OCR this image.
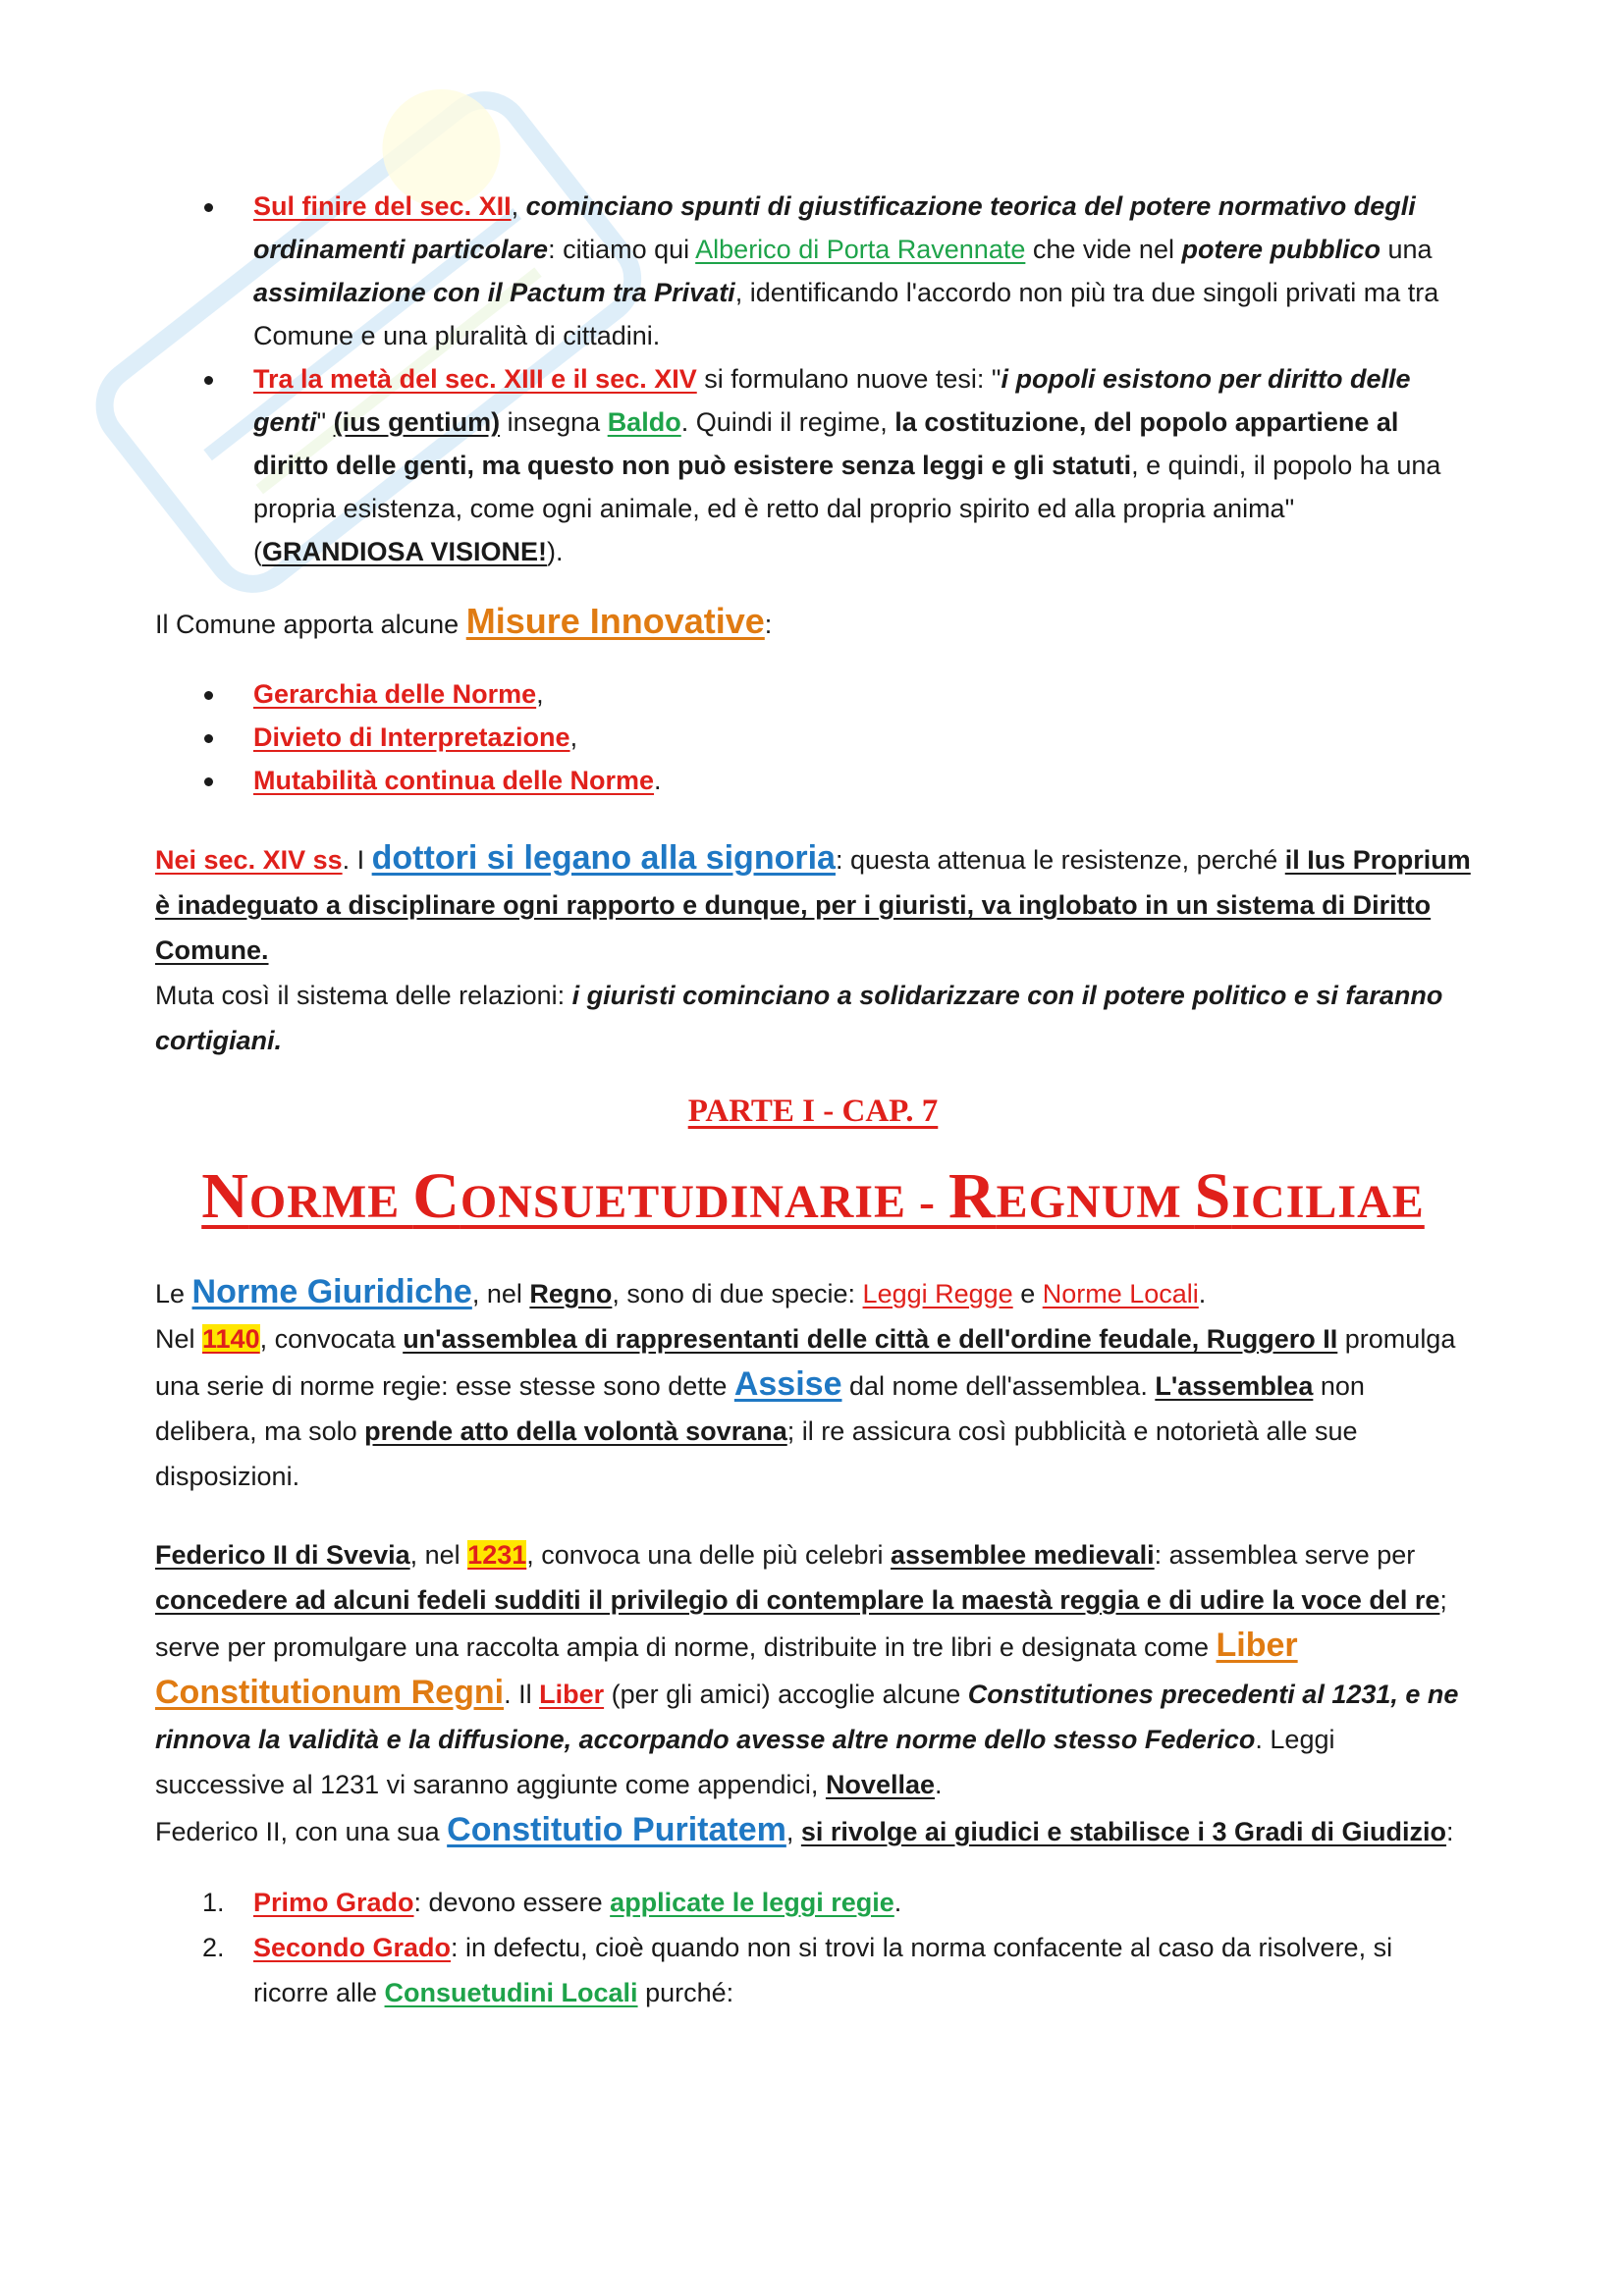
Sul finire del sec. XII, cominciano spunti di giustificazione teorica del potere normativo degli ordinamenti particolare: citiamo qui Alberico di Porta Ravennate che vide nel potere pubblico una assimilazione con il Pactum tra Privati, identificando l'accordo non più tra due singoli privati ma tra Comune e una pluralità di cittadini.
Tra la metà del sec. XIII e il sec. XIV si formulano nuove tesi: "i popoli esistono per diritto delle genti" (ius gentium) insegna Baldo. Quindi il regime, la costituzione, del popolo appartiene al diritto delle genti, ma questo non può esistere senza leggi e gli statuti, e quindi, il popolo ha una propria esistenza, come ogni animale, ed è retto dal proprio spirito ed alla propria anima" (GRANDIOSA VISIONE!).

Il Comune apporta alcune Misure Innovative:

Gerarchia delle Norme,
Divieto di Interpretazione,
Mutabilità continua delle Norme.

Nei sec. XIV ss. I dottori si legano alla signoria: questa attenua le resistenze, perché il Ius Proprium è inadeguato a disciplinare ogni rapporto e dunque, per i giuristi, va inglobato in un sistema di Diritto Comune.

Muta così il sistema delle relazioni: i giuristi cominciano a solidarizzare con il potere politico e si faranno cortigiani.

PARTE I - CAP. 7
NORME CONSUETUDINARIE - REGNUM SICILIAE

Le Norme Giuridiche, nel Regno, sono di due specie: Leggi Regge e Norme Locali.

Nel 1140, convocata un'assemblea di rappresentanti delle città e dell'ordine feudale, Ruggero II promulga una serie di norme regie: esse stesse sono dette Assise dal nome dell'assemblea. L'assemblea non delibera, ma solo prende atto della volontà sovrana; il re assicura così pubblicità e notorietà alle sue disposizioni.

Federico II di Svevia, nel 1231, convoca una delle più celebri assemblee medievali: assemblea serve per concedere ad alcuni fedeli sudditi il privilegio di contemplare la maestà reggia e di udire la voce del re; serve per promulgare una raccolta ampia di norme, distribuite in tre libri e designata come Liber Constitutionum Regni. Il Liber (per gli amici) accoglie alcune Constitutiones precedenti al 1231, e ne rinnova la validità e la diffusione, accorpando avesse altre norme dello stesso Federico. Leggi successive al 1231 vi saranno aggiunte come appendici, Novellae.

Federico II, con una sua Constitutio Puritatem, si rivolge ai giudici e stabilisce i 3 Gradi di Giudizio:

1. Primo Grado: devono essere applicate le leggi regie.
2. Secondo Grado: in defectu, cioè quando non si trovi la norma confacente al caso da risolvere, si ricorre alle Consuetudini Locali purché:
